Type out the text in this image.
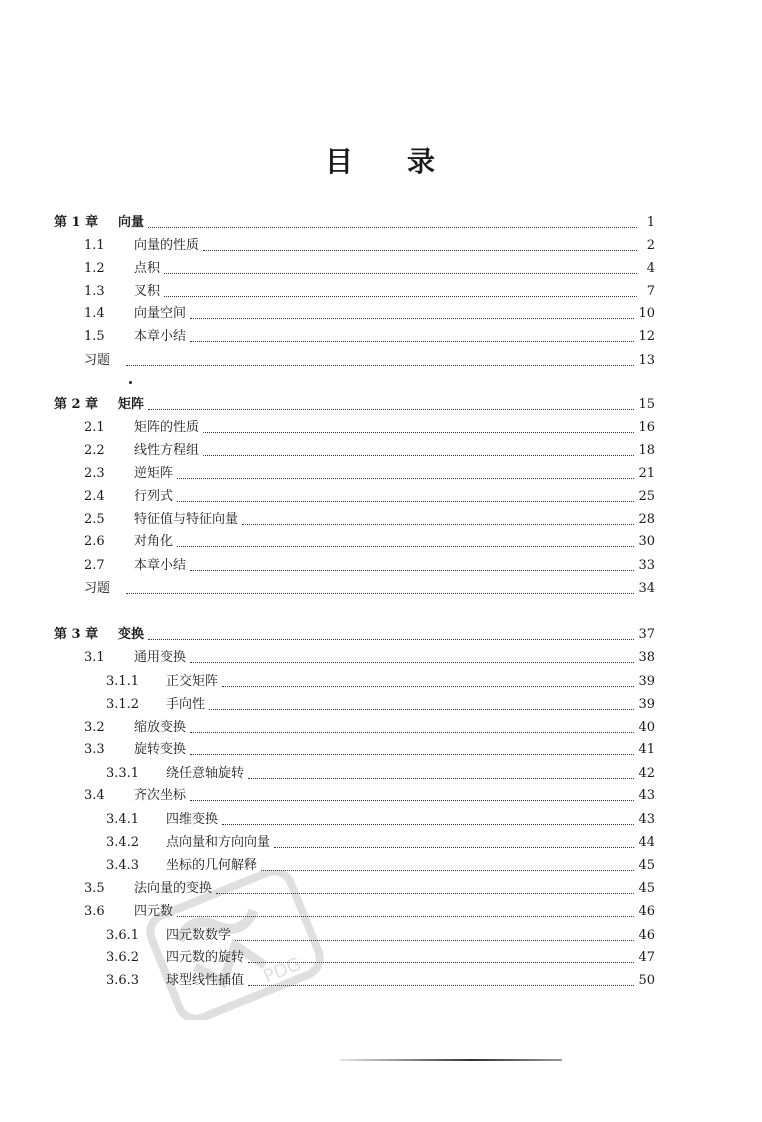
目 录
第 1 章	向量	1
1.1	向量的性质	2
1.2	点积	4
1.3	叉积	7
1.4	向量空间	10
1.5	本章小结	12
习题	13
第 2 章	矩阵	15
2.1	矩阵的性质	16
2.2	线性方程组	18
2.3	逆矩阵	21
2.4	行列式	25
2.5	特征值与特征向量	28
2.6	对角化	30
2.7	本章小结	33
习题	34
第 3 章	变换	37
3.1	通用变换	38
3.1.1	正交矩阵	39
3.1.2	手向性	39
3.2	缩放变换	40
3.3	旋转变换	41
3.3.1	绕任意轴旋转	42
3.4	齐次坐标	43
3.4.1	四维变换	43
3.4.2	点向量和方向向量	44
3.4.3	坐标的几何解释	45
3.5	法向量的变换	45
3.6	四元数	46
3.6.1	四元数数学	46
3.6.2	四元数的旋转	47
3.6.3	球型线性插值	50
PDG
